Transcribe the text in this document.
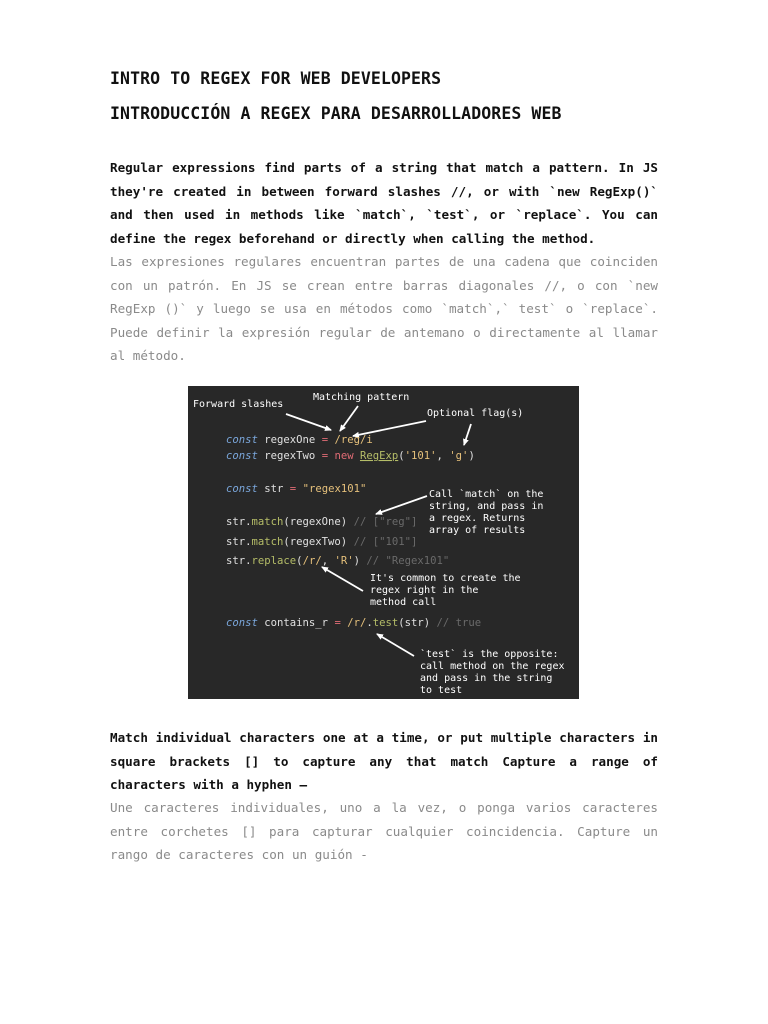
INTRO TO REGEX FOR WEB DEVELOPERS
INTRODUCCIÓN A REGEX PARA DESARROLLADORES WEB

Regular expressions find parts of a string that match a pattern. In JS they're created in between forward slashes //, or with `new RegExp()` and then used in methods like `match`, `test`, or `replace`. You can define the regex beforehand or directly when calling the method.

Las expresiones regulares encuentran partes de una cadena que coinciden con un patrón. En JS se crean entre barras diagonales //, o con `new RegExp ()` y luego se usa en métodos como `match`,` test` o `replace`. Puede definir la expresión regular de antemano o directamente al llamar al método.

Forward slashes
Matching pattern
Optional flag(s)
Call `match` on the string, and pass in a regex. Returns array of results
It's common to create the regex right in the method call
`test` is the opposite: call method on the regex and pass in the string to test
const regexOne = /reg/i
const regexTwo = new RegExp('101', 'g')
const str = "regex101"
str.match(regexOne) // ["reg"]
str.match(regexTwo) // ["101"]
str.replace(/r/, 'R') // "Regex101"
const contains_r = /r/.test(str) // true

Match individual characters one at a time, or put multiple characters in square brackets [] to capture any that match Capture a range of characters with a hyphen –

Une caracteres individuales, uno a la vez, o ponga varios caracteres entre corchetes [] para capturar cualquier coincidencia. Capture un rango de caracteres con un guión -
